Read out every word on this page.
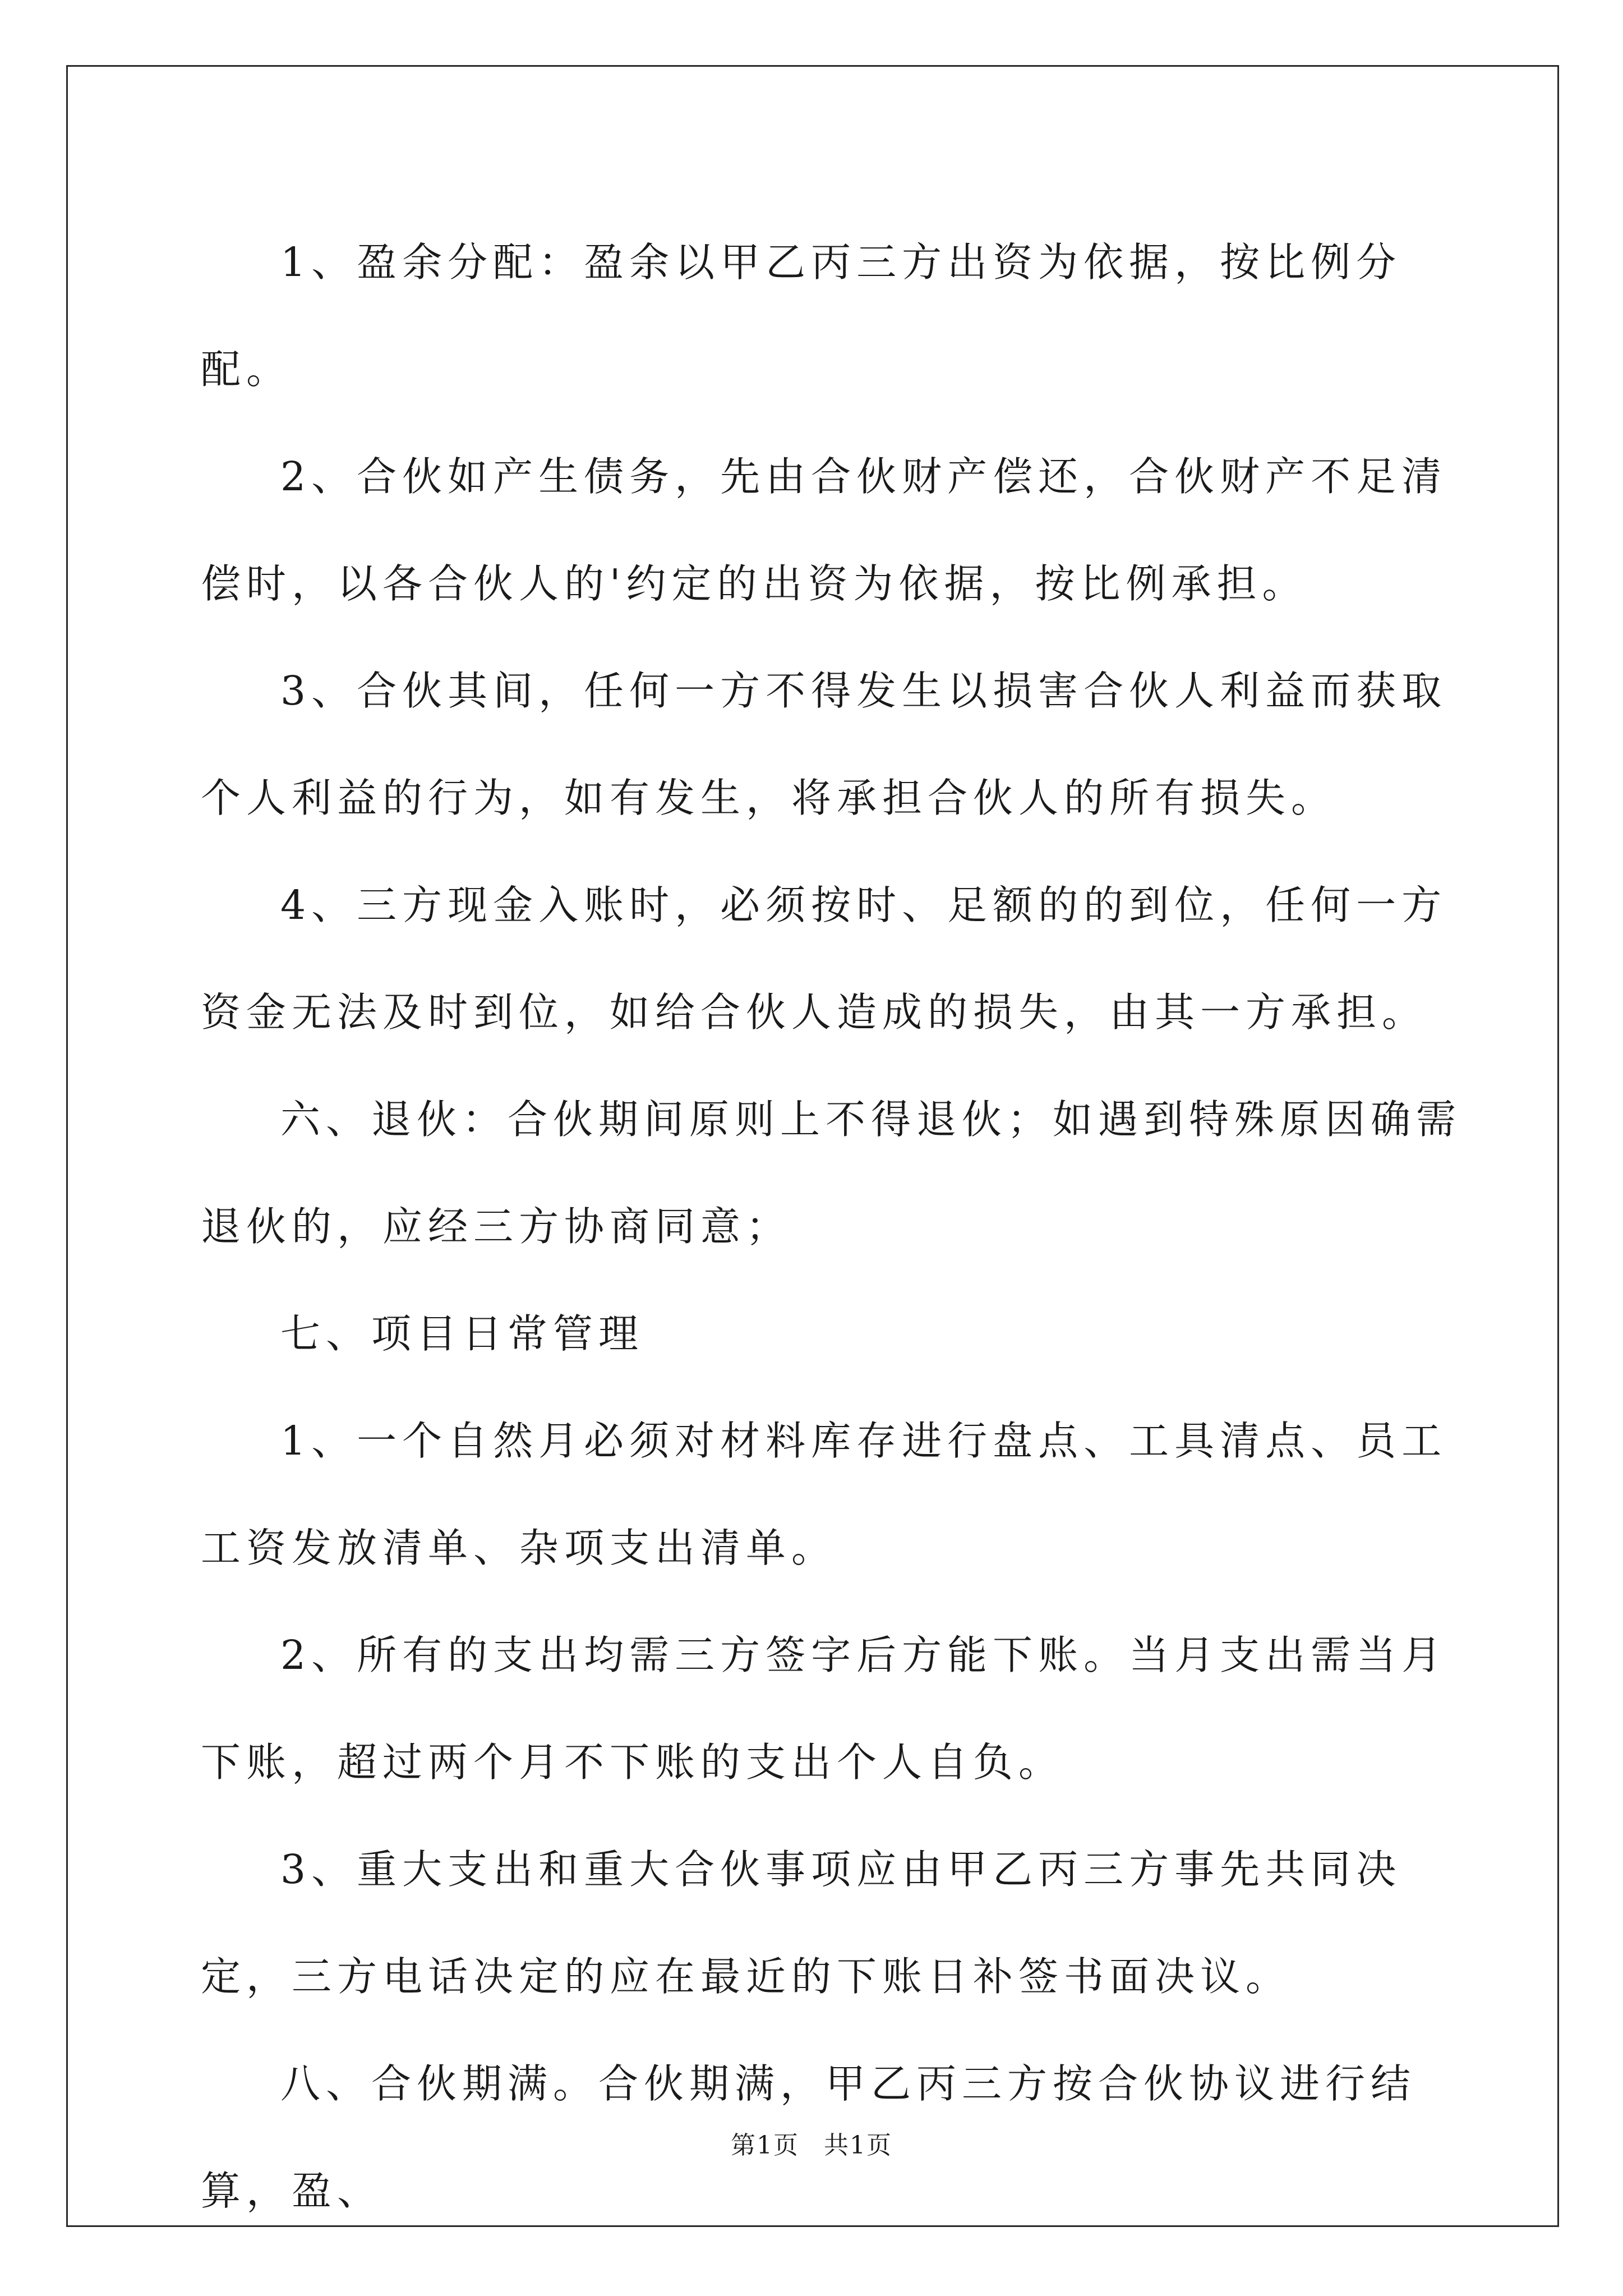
1、盈余分配：盈余以甲乙丙三方出资为依据，按比例分配。

2、合伙如产生债务，先由合伙财产偿还，合伙财产不足清偿时，以各合伙人的'约定的出资为依据，按比例承担。

3、合伙其间，任何一方不得发生以损害合伙人利益而获取个人利益的行为，如有发生，将承担合伙人的所有损失。

4、三方现金入账时，必须按时、足额的的到位，任何一方资金无法及时到位，如给合伙人造成的损失，由其一方承担。

六、退伙：合伙期间原则上不得退伙；如遇到特殊原因确需退伙的，应经三方协商同意；

七、项目日常管理

1、一个自然月必须对材料库存进行盘点、工具清点、员工工资发放清单、杂项支出清单。

2、所有的支出均需三方签字后方能下账。当月支出需当月下账，超过两个月不下账的支出个人自负。

3、重大支出和重大合伙事项应由甲乙丙三方事先共同决定，三方电话决定的应在最近的下账日补签书面决议。

八、合伙期满。合伙期满，甲乙丙三方按合伙协议进行结算，盈、

第1页 共1页
